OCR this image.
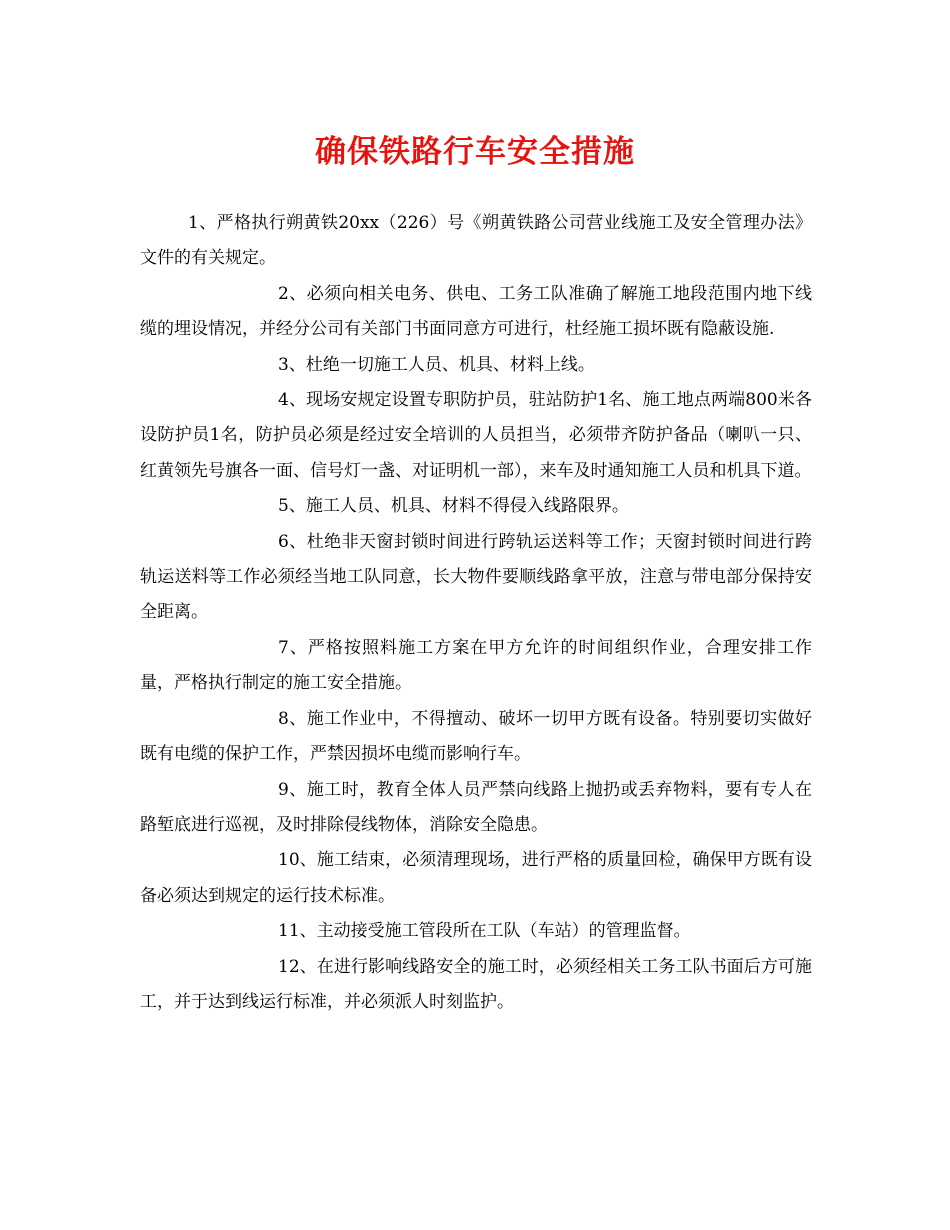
确保铁路行车安全措施

1、严格执行朔黄铁20xx（226）号《朔黄铁路公司营业线施工及安全管理办法》文件的有关规定。

2、必须向相关电务、供电、工务工队准确了解施工地段范围内地下线缆的埋设情况，并经分公司有关部门书面同意方可进行，杜经施工损坏既有隐蔽设施.

3、杜绝一切施工人员、机具、材料上线。

4、现场安规定设置专职防护员，驻站防护1名、施工地点两端800米各设防护员1名，防护员必须是经过安全培训的人员担当，必须带齐防护备品（喇叭一只、红黄领先号旗各一面、信号灯一盏、对证明机一部），来车及时通知施工人员和机具下道。

5、施工人员、机具、材料不得侵入线路限界。

6、杜绝非天窗封锁时间进行跨轨运送料等工作；天窗封锁时间进行跨轨运送料等工作必须经当地工队同意，长大物件要顺线路拿平放，注意与带电部分保持安全距离。

7、严格按照料施工方案在甲方允许的时间组织作业，合理安排工作量，严格执行制定的施工安全措施。

8、施工作业中，不得擅动、破坏一切甲方既有设备。特别要切实做好既有电缆的保护工作，严禁因损坏电缆而影响行车。

9、施工时，教育全体人员严禁向线路上抛扔或丢弃物料，要有专人在路堑底进行巡视，及时排除侵线物体，消除安全隐患。

10、施工结束，必须清理现场，进行严格的质量回检，确保甲方既有设备必须达到规定的运行技术标准。

11、主动接受施工管段所在工队（车站）的管理监督。

12、在进行影响线路安全的施工时，必须经相关工务工队书面后方可施工，并于达到线运行标准，并必须派人时刻监护。
